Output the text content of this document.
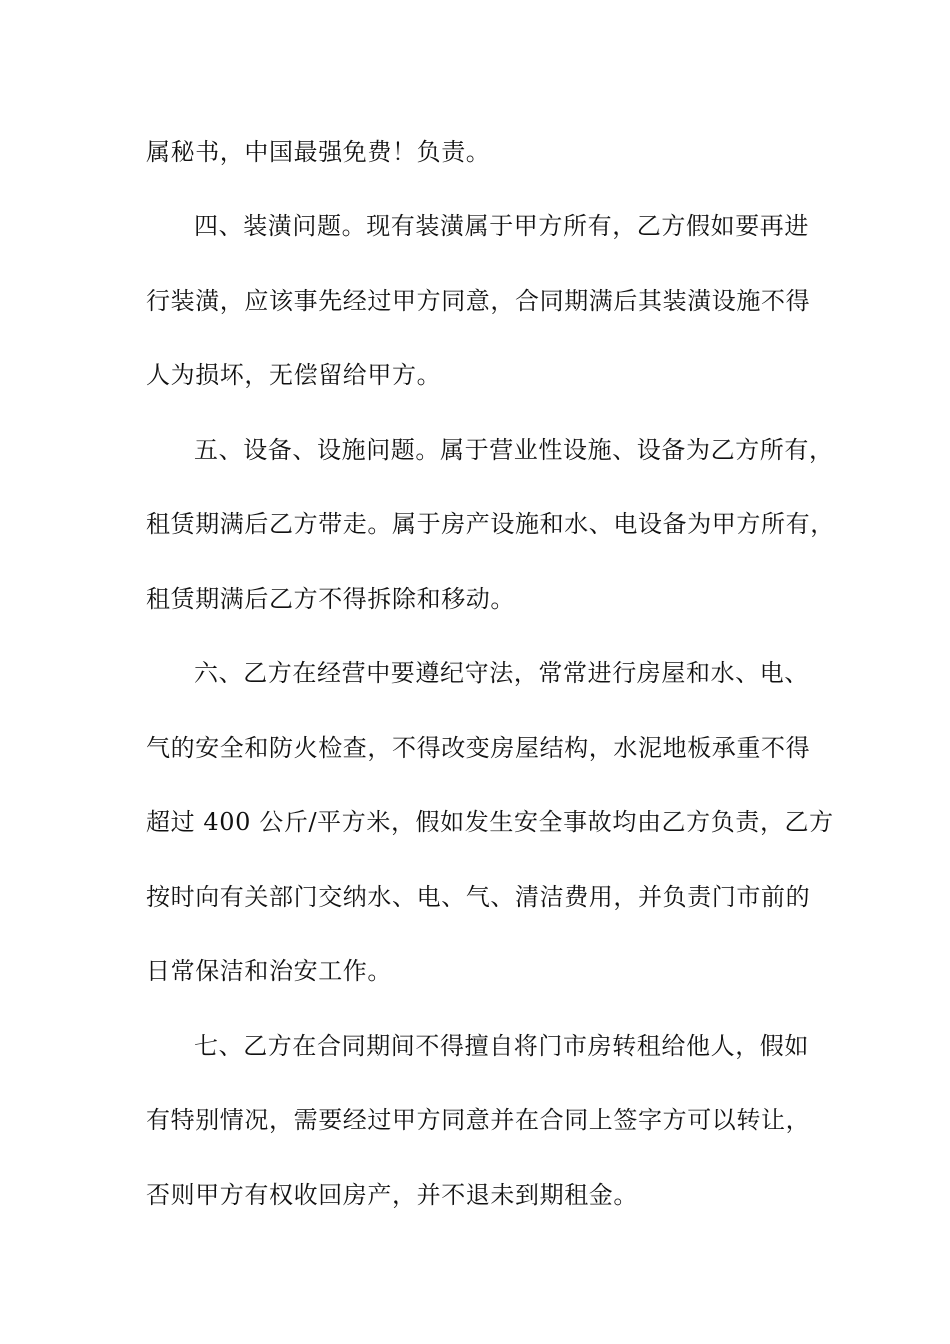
属秘书，中国最强免费！负责。
四、装潢问题。现有装潢属于甲方所有，乙方假如要再进
行装潢，应该事先经过甲方同意，合同期满后其装潢设施不得
人为损坏，无偿留给甲方。
五、设备、设施问题。属于营业性设施、设备为乙方所有，
租赁期满后乙方带走。属于房产设施和水、电设备为甲方所有，
租赁期满后乙方不得拆除和移动。
六、乙方在经营中要遵纪守法，常常进行房屋和水、电、
气的安全和防火检查，不得改变房屋结构，水泥地板承重不得
超过 400 公斤/平方米，假如发生安全事故均由乙方负责，乙方
按时向有关部门交纳水、电、气、清洁费用，并负责门市前的
日常保洁和治安工作。
七、乙方在合同期间不得擅自将门市房转租给他人，假如
有特别情况，需要经过甲方同意并在合同上签字方可以转让，
否则甲方有权收回房产，并不退未到期租金。
